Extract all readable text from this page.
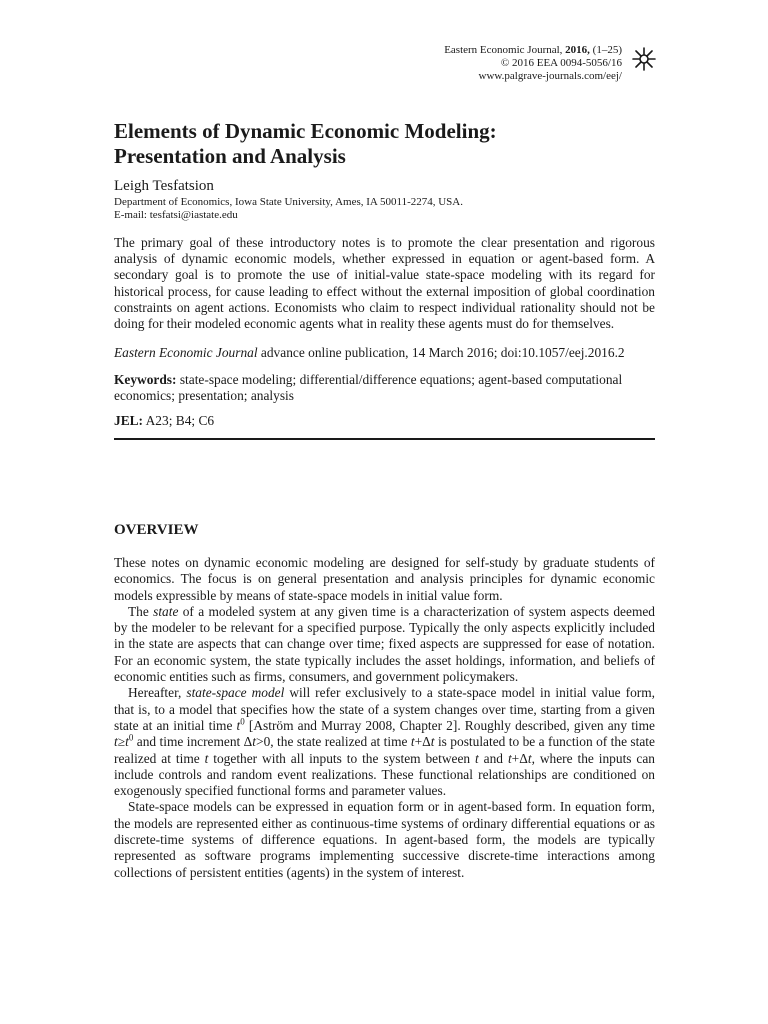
Eastern Economic Journal, 2016, (1–25)
© 2016 EEA 0094-5056/16
www.palgrave-journals.com/eej/
Elements of Dynamic Economic Modeling:
Presentation and Analysis
Leigh Tesfatsion
Department of Economics, Iowa State University, Ames, IA 50011-2274, USA.
E-mail: tesfatsi@iastate.edu

The primary goal of these introductory notes is to promote the clear presentation and rigorous analysis of dynamic economic models, whether expressed in equation or agent-based form. A secondary goal is to promote the use of initial-value state-space modeling with its regard for historical process, for cause leading to effect without the external imposition of global coordination constraints on agent actions. Economists who claim to respect individual rationality should not be doing for their modeled economic agents what in reality these agents must do for themselves.

Eastern Economic Journal advance online publication, 14 March 2016; doi:10.1057/eej.2016.2
Keywords: state-space modeling; differential/difference equations; agent-based computational economics; presentation; analysis
JEL: A23; B4; C6
OVERVIEW

These notes on dynamic economic modeling are designed for self-study by graduate students of economics. The focus is on general presentation and analysis principles for dynamic economic models expressible by means of state-space models in initial value form.

The state of a modeled system at any given time is a characterization of system aspects deemed by the modeler to be relevant for a specified purpose. Typically the only aspects explicitly included in the state are aspects that can change over time; fixed aspects are suppressed for ease of notation. For an economic system, the state typically includes the asset holdings, information, and beliefs of economic entities such as firms, consumers, and government policymakers.

Hereafter, state-space model will refer exclusively to a state-space model in initial value form, that is, to a model that specifies how the state of a system changes over time, starting from a given state at an initial time $t^0$ [Aström and Murray 2008, Chapter 2]. Roughly described, given any time $t\ge t^0$ and time increment Δt>0, the state realized at time t+Δt is postulated to be a function of the state realized at time t together with all inputs to the system between t and t+Δt, where the inputs can include controls and random event realizations. These functional relationships are conditioned on exogenously specified functional forms and parameter values.

State-space models can be expressed in equation form or in agent-based form. In equation form, the models are represented either as continuous-time systems of ordinary differential equations or as discrete-time systems of difference equations. In agent-based form, the models are typically represented as software programs implementing successive discrete-time interactions among collections of persistent entities (agents) in the system of interest.
